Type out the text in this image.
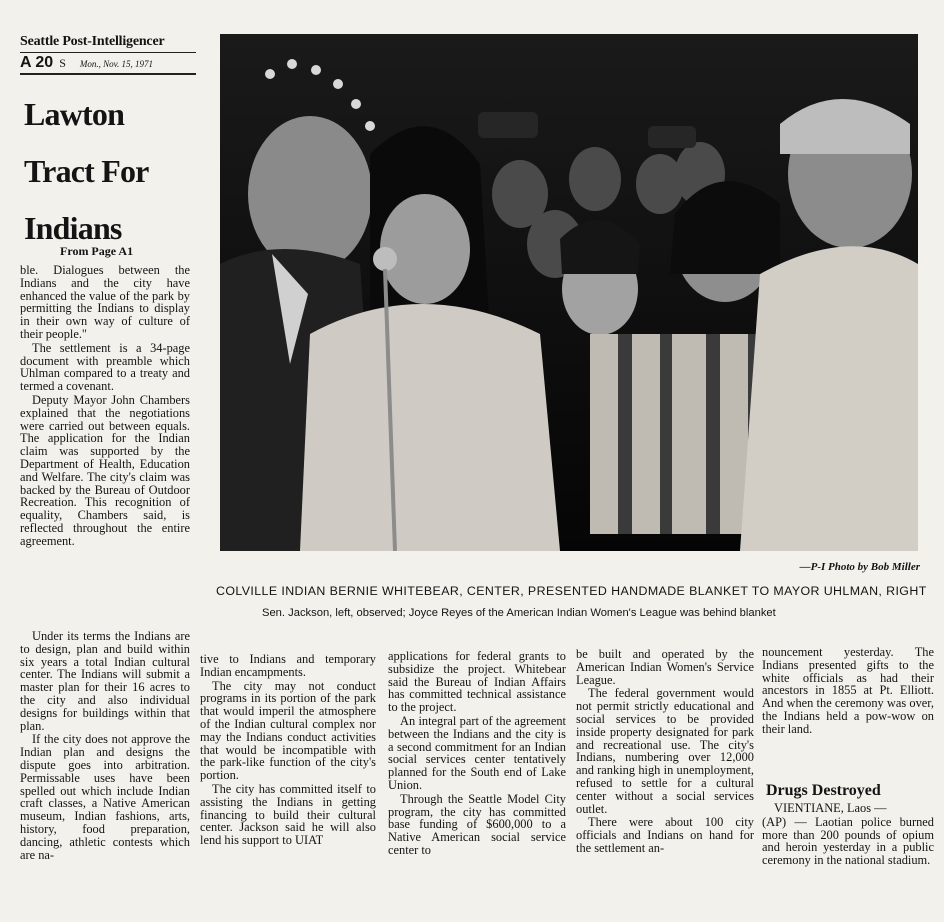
Seattle Post-Intelligencer
A 20 S Mon., Nov. 15, 1971
Lawton
Tract For
Indians
From Page A1

ble. Dialogues between the Indians and the city have enhanced the value of the park by permitting the Indians to display in their own way of culture of their people."

The settlement is a 34-page document with preamble which Uhlman compared to a treaty and termed a covenant.

Deputy Mayor John Chambers explained that the negotiations were carried out between equals. The application for the Indian claim was supported by the Department of Health, Education and Welfare. The city's claim was backed by the Bureau of Outdoor Recreation. This recognition of equality, Chambers said, is reflected throughout the entire agreement.

—P-I Photo by Bob Miller
COLVILLE INDIAN BERNIE WHITEBEAR, CENTER, PRESENTED HANDMADE BLANKET TO MAYOR UHLMAN, RIGHT
Sen. Jackson, left, observed; Joyce Reyes of the American Indian Women's League was behind blanket

Under its terms the Indians are to design, plan and build within six years a total Indian cultural center. The Indians will submit a master plan for their 16 acres to the city and also individual designs for buildings within that plan.

If the city does not approve the Indian plan and designs the dispute goes into arbitration. Permissable uses have been spelled out which include Indian craft classes, a Native American museum, Indian fashions, arts, history, food preparation, dancing, athletic contests which are na-

tive to Indians and temporary Indian encampments.

The city may not conduct programs in its portion of the park that would imperil the atmosphere of the Indian cultural complex nor may the Indians conduct activities that would be incompatible with the park-like function of the city's portion.

The city has committed itself to assisting the Indians in getting financing to build their cultural center. Jackson said he will also lend his support to UIAT

applications for federal grants to subsidize the project. Whitebear said the Bureau of Indian Affairs has committed technical assistance to the project.

An integral part of the agreement between the Indians and the city is a second commitment for an Indian social services center tentatively planned for the South end of Lake Union.

Through the Seattle Model City program, the city has committed base funding of $600,000 to a Native American social service center to

be built and operated by the American Indian Women's Service League.

The federal government would not permit strictly educational and social services to be provided inside property designated for park and recreational use. The city's Indians, numbering over 12,000 and ranking high in unemployment, refused to settle for a cultural center without a social services outlet.

There were about 100 city officials and Indians on hand for the settlement an-

nouncement yesterday. The Indians presented gifts to the white officials as had their ancestors in 1855 at Pt. Elliott. And when the ceremony was over, the Indians held a pow-wow on their land.

Drugs Destroyed

VIENTIANE, Laos —

(AP) — Laotian police burned more than 200 pounds of opium and heroin yesterday in a public ceremony in the national stadium.
